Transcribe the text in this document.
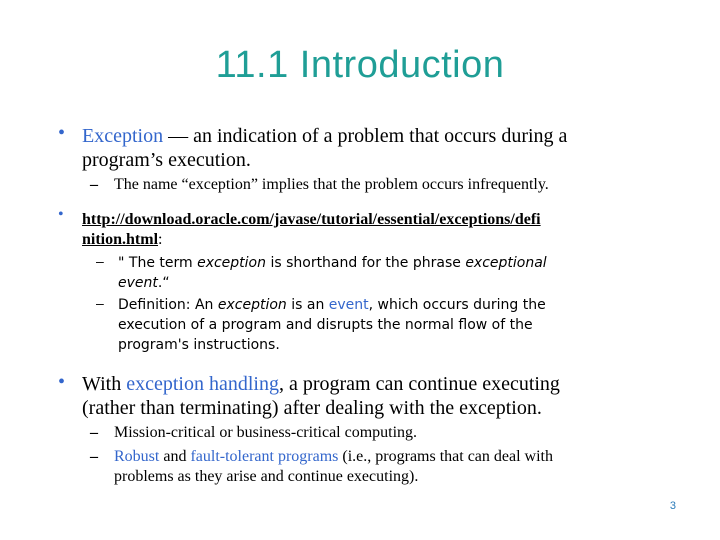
11.1 Introduction
• Exception — an indication of a problem that occurs during a
program’s execution.
– The name “exception” implies that the problem occurs infrequently.
• http://download.oracle.com/javase/tutorial/essential/exceptions/defi
nition.html:
– " The term exception is shorthand for the phrase exceptional
event.“
– Definition: An exception is an event, which occurs during the
execution of a program and disrupts the normal flow of the
program's instructions.
• With exception handling, a program can continue executing
(rather than terminating) after dealing with the exception.
– Mission-critical or business-critical computing.
– Robust and fault-tolerant programs (i.e., programs that can deal with
problems as they arise and continue executing).
3
